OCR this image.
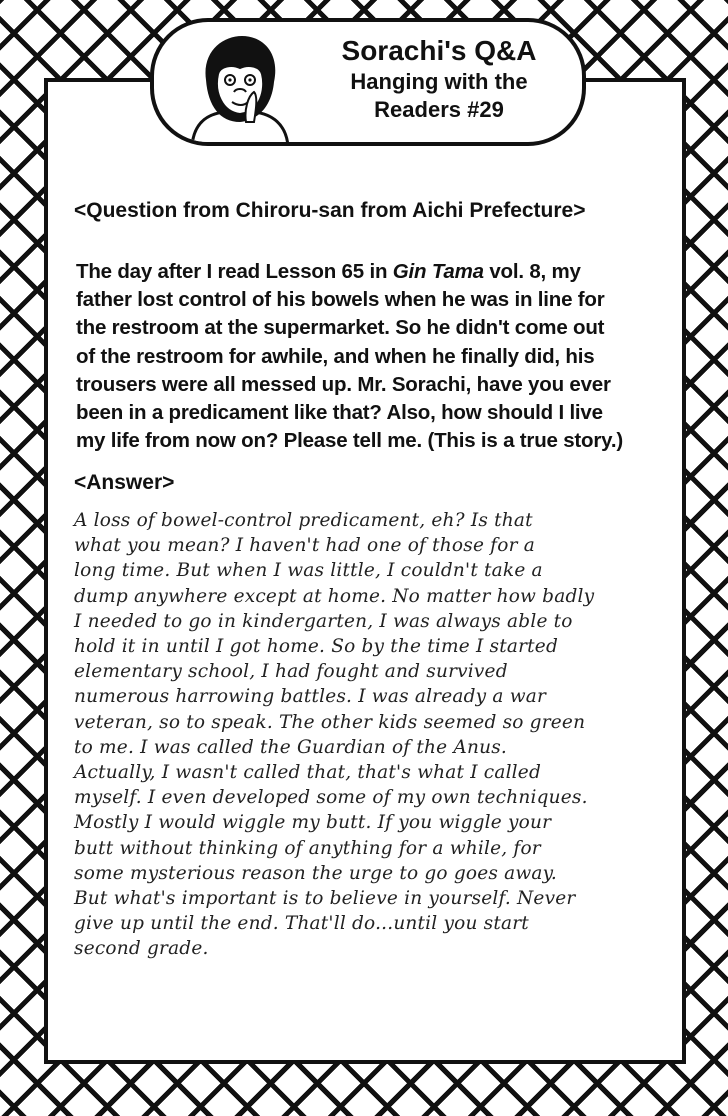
Sorachi's Q&A
Hanging with the
Readers #29
<Question from Chiroru-san from Aichi Prefecture>
The day after I read Lesson 65 in Gin Tama vol. 8, my
father lost control of his bowels when he was in line for
the restroom at the supermarket. So he didn't come out
of the restroom for awhile, and when he finally did, his
trousers were all messed up. Mr. Sorachi, have you ever
been in a predicament like that? Also, how should I live
my life from now on? Please tell me. (This is a true story.)
<Answer>
A loss of bowel-control predicament, eh? Is that
what you mean? I haven't had one of those for a
long time. But when I was little, I couldn't take a
dump anywhere except at home. No matter how badly
I needed to go in kindergarten, I was always able to
hold it in until I got home. So by the time I started
elementary school, I had fought and survived
numerous harrowing battles. I was already a war
veteran, so to speak. The other kids seemed so green
to me. I was called the Guardian of the Anus.
Actually, I wasn't called that, that's what I called
myself. I even developed some of my own techniques.
Mostly I would wiggle my butt. If you wiggle your
butt without thinking of anything for a while, for
some mysterious reason the urge to go goes away.
But what's important is to believe in yourself. Never
give up until the end. That'll do...until you start
second grade.
